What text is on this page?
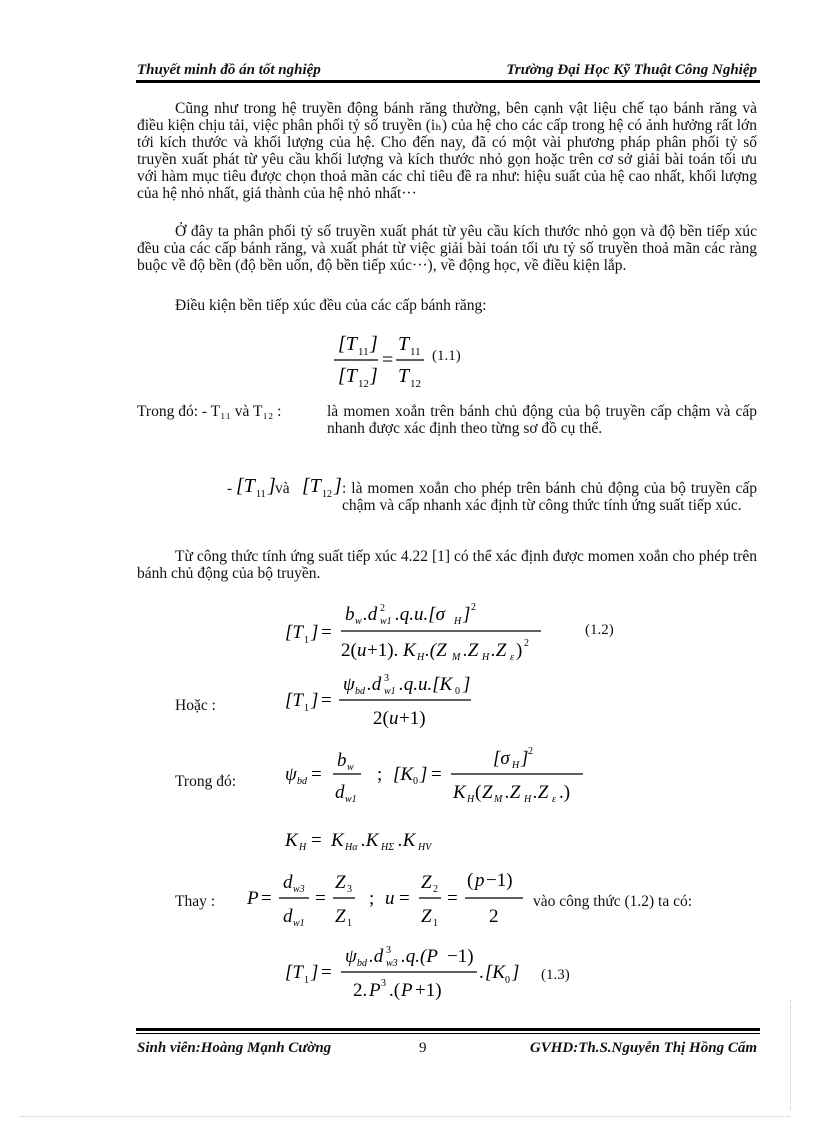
Thuyết minh đồ án tốt nghiệp	Trường Đại Học Kỹ Thuật Công Nghiệp
Cũng như trong hệ truyền động bánh răng thường, bên cạnh vật liệu chế tạo bánh răng và điều kiện chịu tải, việc phân phối tỷ số truyền (iₕ) của hệ cho các cấp trong hệ có ảnh hưởng rất lớn tới kích thước và khối lượng của hệ. Cho đến nay, đã có một vài phương pháp phân phối tỷ số truyền xuất phát từ yêu cầu khối lượng và kích thước nhỏ gọn hoặc trên cơ sở giải bài toán tối ưu với hàm mục tiêu được chọn thoả mãn các chỉ tiêu đề ra như: hiệu suất của hệ cao nhất, khối lượng của hệ nhỏ nhất, giá thành của hệ nhỏ nhất···
Ở đây ta phân phối tỷ số truyền xuất phát từ yêu cầu kích thước nhỏ gọn và độ bền tiếp xúc đều của các cấp bánh răng, và xuất phát từ việc giải bài toán tối ưu tỷ số truyền thoả mãn các ràng buộc về độ bền (độ bền uốn, độ bền tiếp xúc···), về động học, về điều kiện lắp.
Điều kiện bền tiếp xúc đều của các cấp bánh răng:
[T 11 ]
[T 12 ]
=
T 11
T 12
(1.1)
Trong đó: - T₁₁ và T₁₂ :	là momen xoắn trên bánh chủ động của bộ truyền cấp chậm và cấp nhanh được xác định theo từng sơ đồ cụ thể.
- [T 11 ] [T 12 ]
và	: là momen xoắn cho phép trên bánh chủ động của bộ truyền cấp chậm và cấp nhanh xác định từ công thức tính ứng suất tiếp xúc.
Từ công thức tính ứng suất tiếp xúc 4.22 [1] có thể xác định được momen xoắn cho phép trên bánh chủ động của bộ truyền.
[T 1 ] =
b w .d 2
w1 .q.u.[σ H ] 2
2( u +1). K H .(Z M .Z H .Z ε ) 2
(1.2)
Hoặc :	[T 1 ] =
ψ bd .d 3
w1 .q.u.[K 0 ]
2( u +1)
Trong đó:	ψ bd =
b w
d w1
; [K 0 ] =
[σ H ] 2
K H ( Z M .Z H .Z ε .)
K H = K Hα .K HΣ .K HV
Thay : P =
d w3
d w1
=
Z 3
Z 1
; u =
Z 2
Z 1
=
( p −1)
2
vào công thức (1.2) ta có:
[T 1 ] =
ψ bd .d 3
w3 .q.(P −1)
2. P 3 .( P +1)
. [K 0 ] (1.3)
Sinh viên:Hoàng Mạnh Cường	9	GVHD:Th.S.Nguyễn Thị Hồng Cẩm
